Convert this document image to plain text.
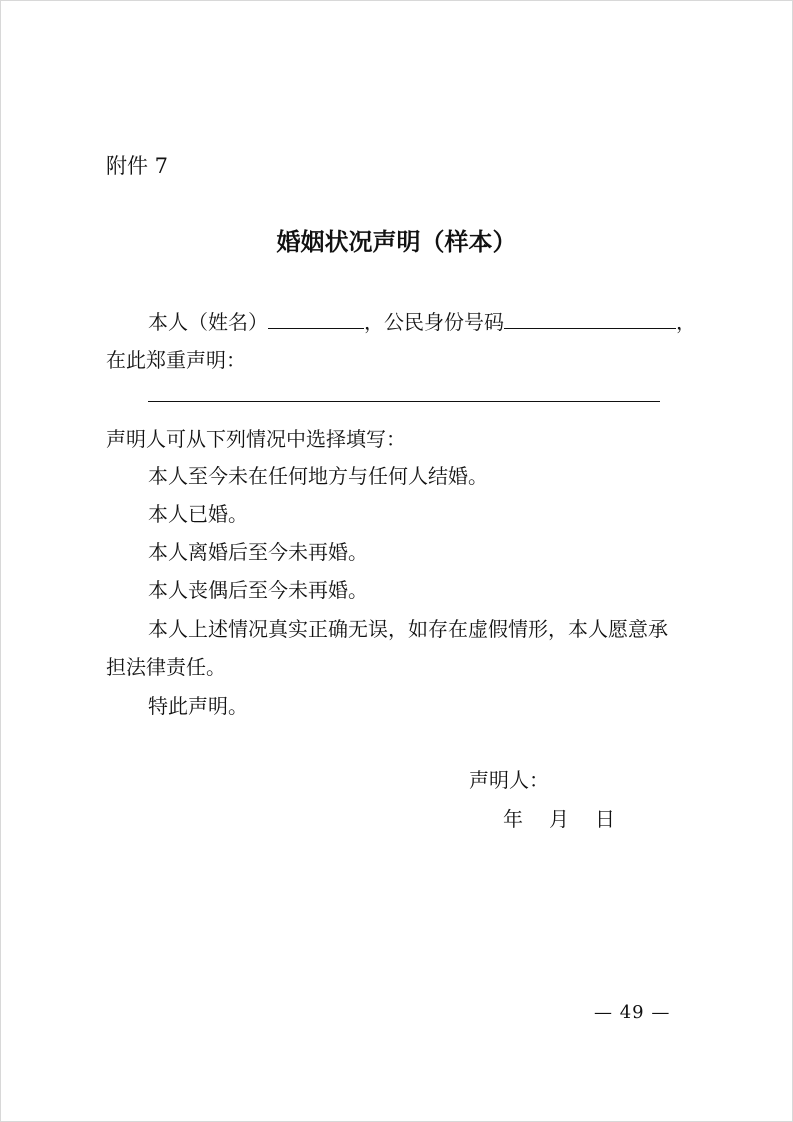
附件 7
婚姻状况声明（样本）
本人（姓名）	，公民身份号码	，
在此郑重声明：
声明人可从下列情况中选择填写：
本人至今未在任何地方与任何人结婚。
本人已婚。
本人离婚后至今未再婚。
本人丧偶后至今未再婚。
本人上述情况真实正确无误，如存在虚假情形，本人愿意承
担法律责任。
特此声明。
声明人：
年 月 日
— 49 —
